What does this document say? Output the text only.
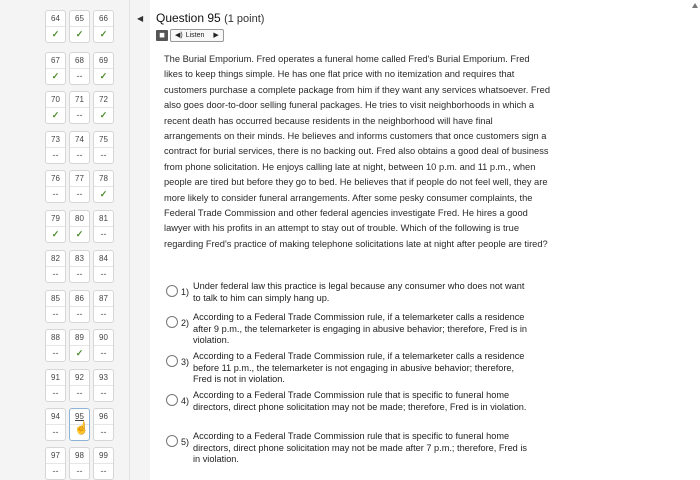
64
✓
65
✓
66
✓
67
✓
68
--
69
✓
70
✓
71
--
72
✓
73
--
74
--
75
--
76
--
77
--
78
✓
79
✓
80
✓
81
--
82
--
83
--
84
--
85
--
86
--
87
--
88
--
89
✓
90
--
91
--
92
--
93
--
94
--
95	96
--
97
--
98
--
99
--
☝
◀ Question 95 (1 point)
◼	◀) Listen ▶
The Burial Emporium. Fred operates a funeral home called Fred's Burial Emporium. Fred likes to keep things simple. He has one flat price with no itemization and requires that customers purchase a complete package from him if they want any services whatsoever. Fred also goes door-to-door selling funeral packages. He tries to visit neighborhoods in which a recent death has occurred because residents in the neighborhood will have final arrangements on their minds. He believes and informs customers that once customers sign a contract for burial services, there is no backing out. Fred also obtains a good deal of business from phone solicitation. He enjoys calling late at night, between 10 p.m. and 11 p.m., when people are tired but before they go to bed. He believes that if people do not feel well, they are more likely to consider funeral arrangements. After some pesky consumer complaints, the Federal Trade Commission and other federal agencies investigate Fred. He hires a good lawyer with his profits in an attempt to stay out of trouble. Which of the following is true regarding Fred's practice of making telephone solicitations late at night after people are tired?
1)
Under federal law this practice is legal because any consumer who does not want to talk to him can simply hang up.
2)
According to a Federal Trade Commission rule, if a telemarketer calls a residence after 9 p.m., the telemarketer is engaging in abusive behavior; therefore, Fred is in violation.
3)
According to a Federal Trade Commission rule, if a telemarketer calls a residence before 11 p.m., the telemarketer is not engaging in abusive behavior; therefore, Fred is not in violation.
4)
According to a Federal Trade Commission rule that is specific to funeral home directors, direct phone solicitation may not be made; therefore, Fred is in violation.
5)
According to a Federal Trade Commission rule that is specific to funeral home directors, direct phone solicitation may not be made after 7 p.m.; therefore, Fred is in violation.
